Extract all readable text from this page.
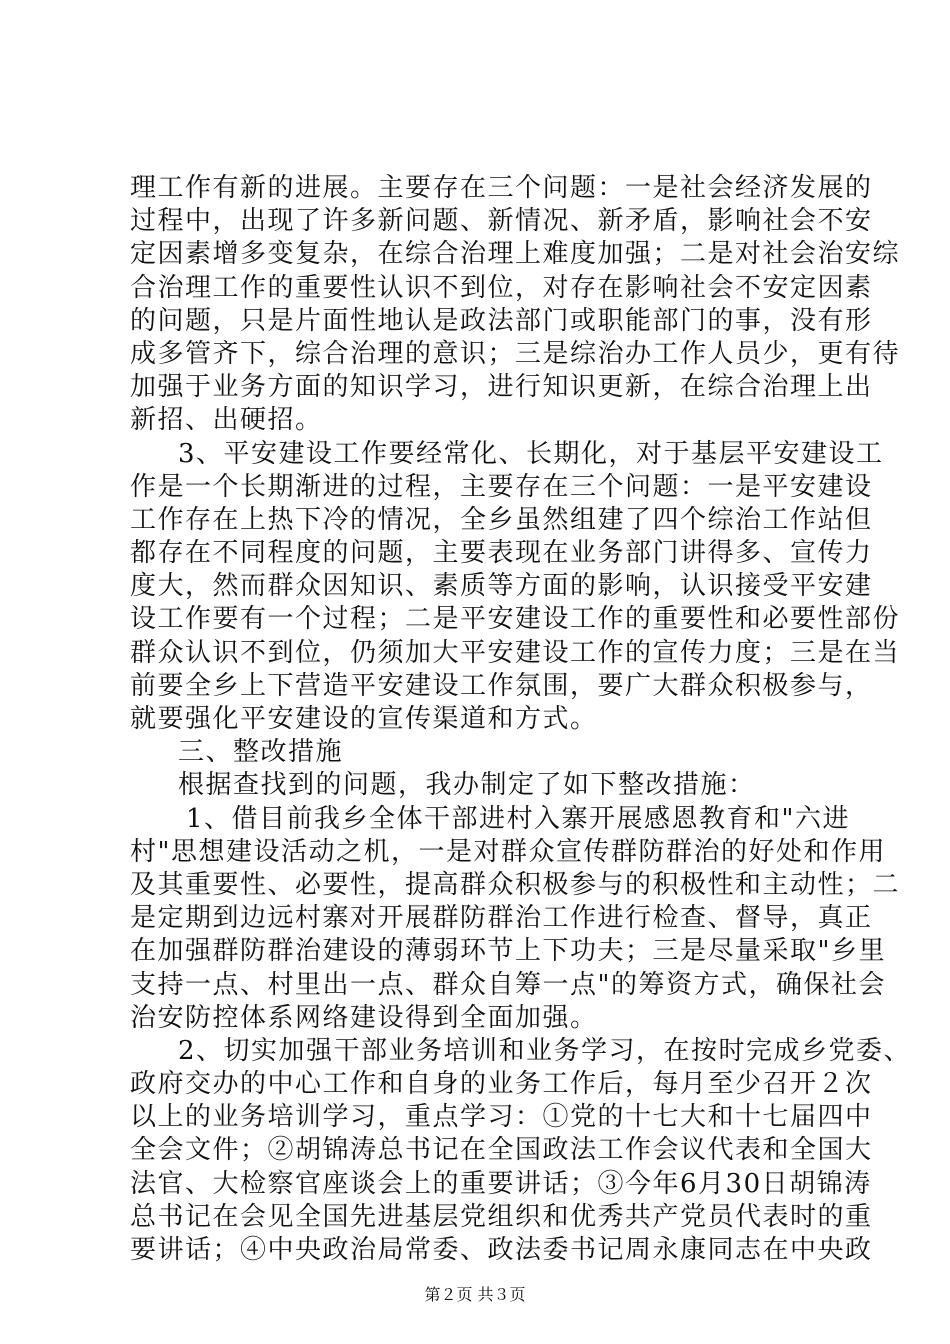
理工作有新的进展。主要存在三个问题：一是社会经济发展的
过程中，出现了许多新问题、新情况、新矛盾，影响社会不安
定因素增多变复杂，在综合治理上难度加强；二是对社会治安综
合治理工作的重要性认识不到位，对存在影响社会不安定因素
的问题，只是片面性地认是政法部门或职能部门的事，没有形
成多管齐下，综合治理的意识；三是综治办工作人员少，更有待
加强于业务方面的知识学习，进行知识更新，在综合治理上出
新招、出硬招。
3、平安建设工作要经常化、长期化，对于基层平安建设工
作是一个长期渐进的过程，主要存在三个问题：一是平安建设
工作存在上热下冷的情况，全乡虽然组建了四个综治工作站但
都存在不同程度的问题，主要表现在业务部门讲得多、宣传力
度大，然而群众因知识、素质等方面的影响，认识接受平安建
设工作要有一个过程；二是平安建设工作的重要性和必要性部份
群众认识不到位，仍须加大平安建设工作的宣传力度；三是在当
前要全乡上下营造平安建设工作氛围，要广大群众积极参与，
就要强化平安建设的宣传渠道和方式。
三、整改措施
根据查找到的问题，我办制定了如下整改措施：
1、借目前我乡全体干部进村入寨开展感恩教育和"六进
村"思想建设活动之机，一是对群众宣传群防群治的好处和作用
及其重要性、必要性，提高群众积极参与的积极性和主动性；二
是定期到边远村寨对开展群防群治工作进行检查、督导，真正
在加强群防群治建设的薄弱环节上下功夫；三是尽量采取"乡里
支持一点、村里出一点、群众自筹一点"的筹资方式，确保社会
治安防控体系网络建设得到全面加强。
2、切实加强干部业务培训和业务学习，在按时完成乡党委、
政府交办的中心工作和自身的业务工作后，每月至少召开２次
以上的业务培训学习，重点学习：①党的十七大和十七届四中
全会文件；②胡锦涛总书记在全国政法工作会议代表和全国大
法官、大检察官座谈会上的重要讲话；③今年6月30日胡锦涛
总书记在会见全国先进基层党组织和优秀共产党员代表时的重
要讲话；④中央政治局常委、政法委书记周永康同志在中央政
第２页 共３页
